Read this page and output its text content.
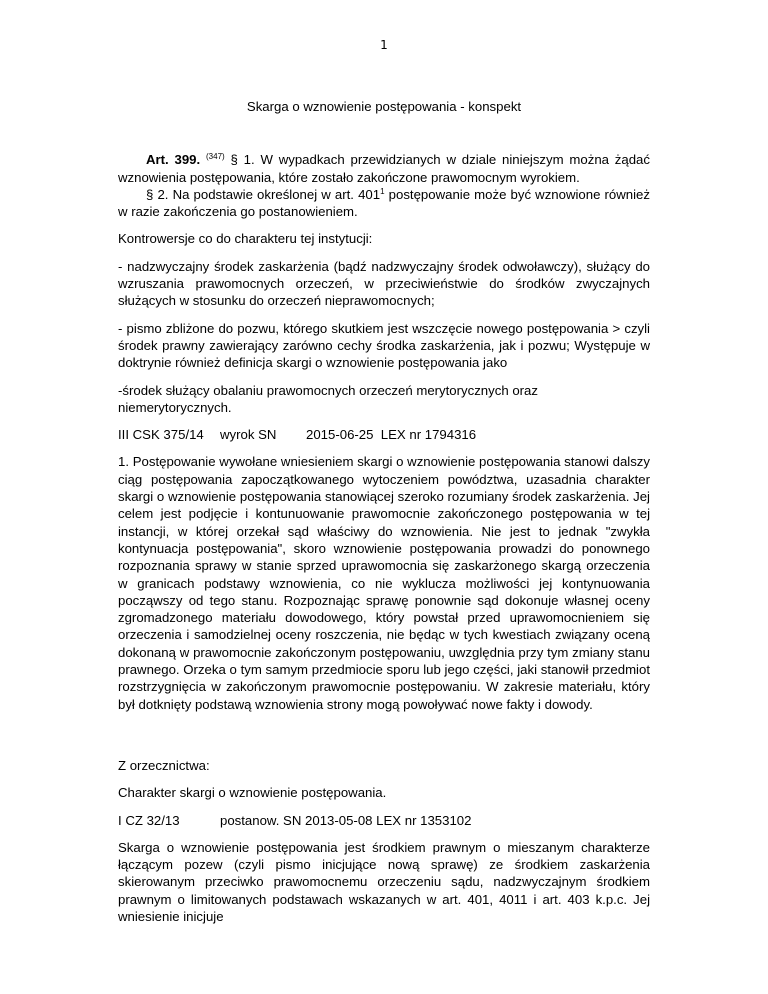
1

Skarga o wznowienie postępowania - konspekt

Art. 399. $^{(347)}$ § 1. W wypadkach przewidzianych w dziale niniejszym można żądać wznowienia postępowania, które zostało zakończone prawomocnym wyrokiem.

§ 2. Na podstawie określonej w art. $401^1$ postępowanie może być wznowione również w razie zakończenia go postanowieniem.

Kontrowersje co do charakteru tej instytucji:

- nadzwyczajny środek zaskarżenia (bądź nadzwyczajny środek odwoławczy), służący do wzruszania prawomocnych orzeczeń, w przeciwieństwie do środków zwyczajnych służących w stosunku do orzeczeń nieprawomocnych;

- pismo zbliżone do pozwu, którego skutkiem jest wszczęcie nowego postępowania > czyli środek prawny zawierający zarówno cechy środka zaskarżenia, jak i pozwu; Występuje w doktrynie również definicja skargi o wznowienie postępowania jako

-środek służący obalaniu prawomocnych orzeczeń merytorycznych oraz niemerytorycznych.

III CSK 375/14	wyrok SN	2015-06-25  LEX nr 1794316

1. Postępowanie wywołane wniesieniem skargi o wznowienie postępowania stanowi dalszy ciąg postępowania zapoczątkowanego wytoczeniem powództwa, uzasadnia charakter skargi o wznowienie postępowania stanowiącej szeroko rozumiany środek zaskarżenia. Jej celem jest podjęcie i kontunuowanie prawomocnie zakończonego postępowania w tej instancji, w której orzekał sąd właściwy do wznowienia. Nie jest to jednak "zwykła kontynuacja postępowania", skoro wznowienie postępowania prowadzi do ponownego rozpoznania sprawy w stanie sprzed uprawomocnia się zaskarżonego skargą orzeczenia w granicach podstawy wznowienia, co nie wyklucza możliwości jej kontynuowania począwszy od tego stanu. Rozpoznając sprawę ponownie sąd dokonuje własnej oceny zgromadzonego materiału dowodowego, który powstał przed uprawomocnieniem się orzeczenia i samodzielnej oceny roszczenia, nie będąc w tych kwestiach związany oceną dokonaną w prawomocnie zakończonym postępowaniu, uwzględnia przy tym zmiany stanu prawnego. Orzeka o tym samym przedmiocie sporu lub jego części, jaki stanowił przedmiot rozstrzygnięcia w zakończonym prawomocnie postępowaniu. W zakresie materiału, który był dotknięty podstawą wznowienia strony mogą powoływać nowe fakty i dowody.

Z orzecznictwa:

Charakter skargi o wznowienie postępowania.

I CZ 32/13	postanow. SN 2013-05-08 LEX nr 1353102

Skarga o wznowienie postępowania jest środkiem prawnym o mieszanym charakterze łączącym pozew (czyli pismo inicjujące nową sprawę) ze środkiem zaskarżenia skierowanym przeciwko prawomocnemu orzeczeniu sądu, nadzwyczajnym środkiem prawnym o limitowanych podstawach wskazanych w art. 401, 4011 i art. 403 k.p.c. Jej wniesienie inicjuje
